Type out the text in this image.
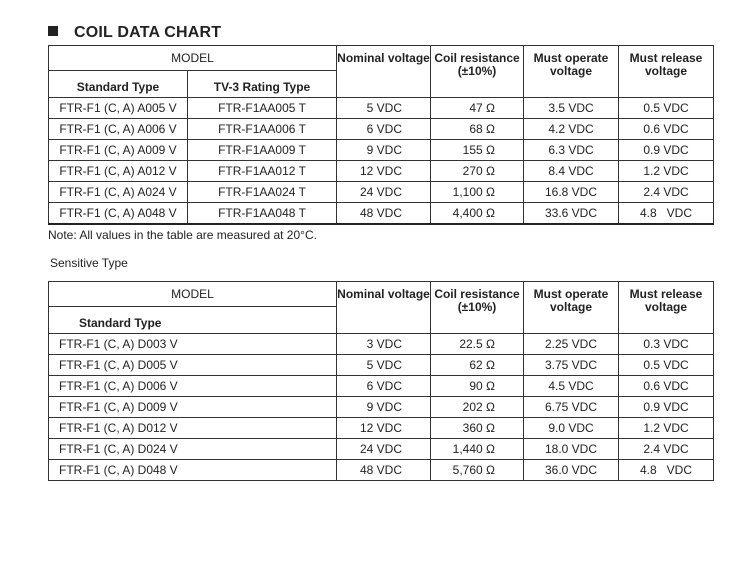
COIL DATA CHART
MODEL		Nominal voltage	Coil resistance (±10%)	Must operate voltage	Must release voltage
Standard Type	TV-3 Rating Type				
FTR-F1 (C, A) A005 V	FTR-F1AA005 T	5 VDC	47 Ω	3.5 VDC	0.5 VDC
FTR-F1 (C, A) A006 V	FTR-F1AA006 T	6 VDC	68 Ω	4.2 VDC	0.6 VDC
FTR-F1 (C, A) A009 V	FTR-F1AA009 T	9 VDC	155 Ω	6.3 VDC	0.9 VDC
FTR-F1 (C, A) A012 V	FTR-F1AA012 T	12 VDC	270 Ω	8.4 VDC	1.2 VDC
FTR-F1 (C, A) A024 V	FTR-F1AA024 T	24 VDC	1,100 Ω	16.8 VDC	2.4 VDC
FTR-F1 (C, A) A048 V	FTR-F1AA048 T	48 VDC	4,400 Ω	33.6 VDC	4.8   VDC
Note: All values in the table are measured at 20°C.
Sensitive Type
MODEL	Nominal voltage	Coil resistance (±10%)	Must operate voltage	Must release voltage
Standard Type				
FTR-F1 (C, A) D003 V	3 VDC	22.5 Ω	2.25 VDC	0.3 VDC
FTR-F1 (C, A) D005 V	5 VDC	62 Ω	3.75 VDC	0.5 VDC
FTR-F1 (C, A) D006 V	6 VDC	90 Ω	4.5 VDC	0.6 VDC
FTR-F1 (C, A) D009 V	9 VDC	202 Ω	6.75 VDC	0.9 VDC
FTR-F1 (C, A) D012 V	12 VDC	360 Ω	9.0 VDC	1.2 VDC
FTR-F1 (C, A) D024 V	24 VDC	1,440 Ω	18.0 VDC	2.4 VDC
FTR-F1 (C, A) D048 V	48 VDC	5,760 Ω	36.0 VDC	4.8   VDC
